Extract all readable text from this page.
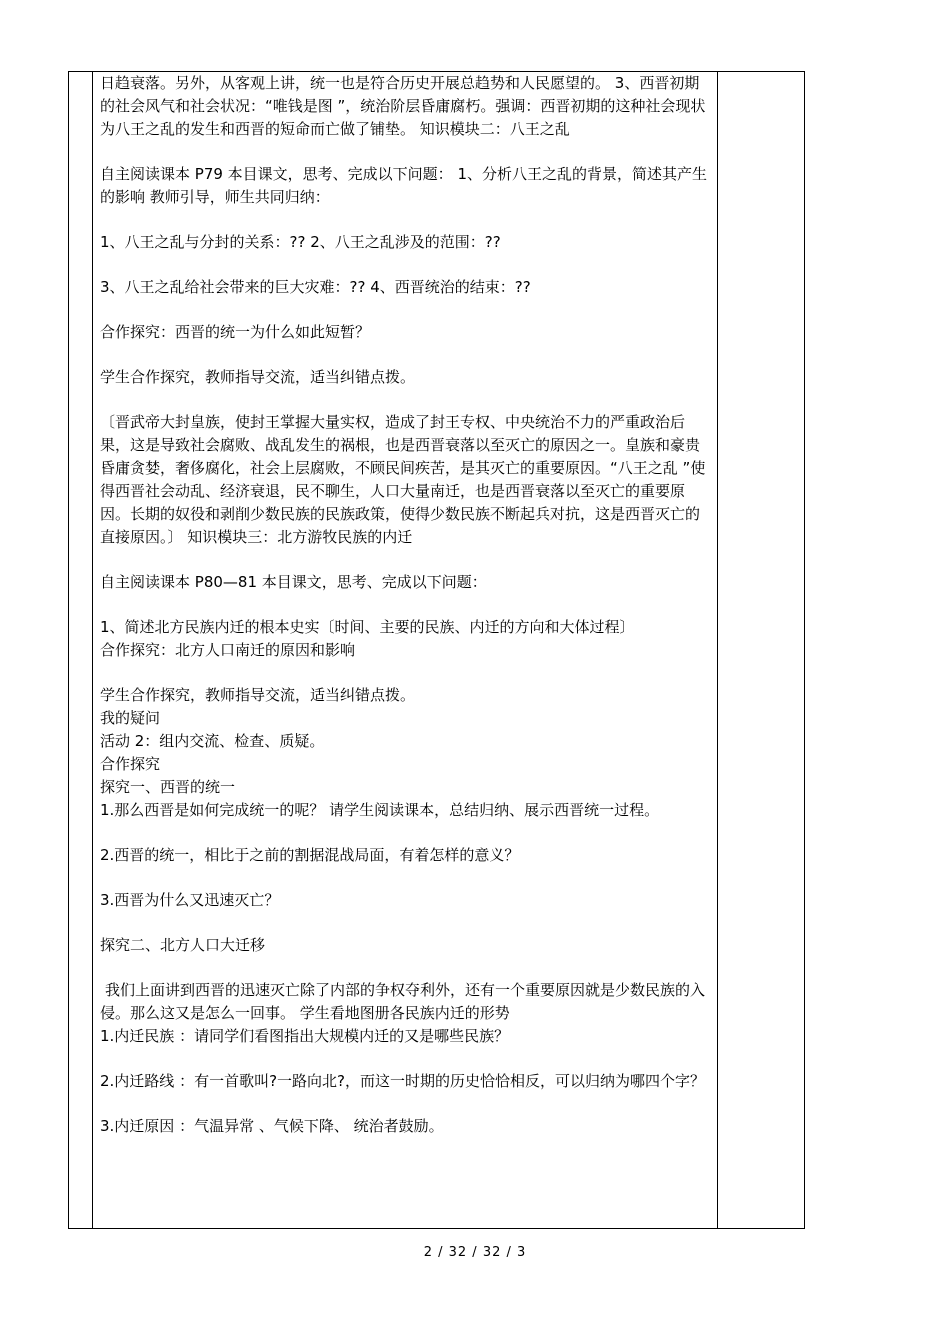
日趋衰落。另外，从客观上讲，统一也是符合历史开展总趋势和人民愿望的。 3、西晋初期的社会风气和社会状况：“唯钱是图 ”，统治阶层昏庸腐朽。强调：西晋初期的这种社会现状为八王之乱的发生和西晋的短命而亡做了铺垫。 知识模块二：八王之乱

自主阅读课本 P79 本目课文，思考、完成以下问题： 1、分析八王之乱的背景，简述其产生的影响 教师引导，师生共同归纳：

1、八王之乱与分封的关系：?? 2、八王之乱涉及的范围：??

3、八王之乱给社会带来的巨大灾难：?? 4、西晋统治的结束：??

合作探究：西晋的统一为什么如此短暂？

学生合作探究，教师指导交流，适当纠错点拨。

〔晋武帝大封皇族，使封王掌握大量实权，造成了封王专权、中央统治不力的严重政治后果，这是导致社会腐败、战乱发生的祸根，也是西晋衰落以至灭亡的原因之一。皇族和豪贵昏庸贪婪，奢侈腐化，社会上层腐败，不顾民间疾苦，是其灭亡的重要原因。“八王之乱 ”使得西晋社会动乱、经济衰退，民不聊生，人口大量南迁，也是西晋衰落以至灭亡的重要原因。长期的奴役和剥削少数民族的民族政策，使得少数民族不断起兵对抗，这是西晋灭亡的直接原因。〕 知识模块三：北方游牧民族的内迁

自主阅读课本 P80—81 本目课文，思考、完成以下问题：

1、简述北方民族内迁的根本史实〔时间、主要的民族、内迁的方向和大体过程〕

合作探究：北方人口南迁的原因和影响

学生合作探究，教师指导交流，适当纠错点拨。

我的疑问

活动 2：组内交流、检查、质疑。

合作探究

探究一、西晋的统一

1.那么西晋是如何完成统一的呢？ 请学生阅读课本，总结归纳、展示西晋统一过程。

2.西晋的统一，相比于之前的割据混战局面，有着怎样的意义？

3.西晋为什么又迅速灭亡？

探究二、北方人口大迁移

我们上面讲到西晋的迅速灭亡除了内部的争权夺利外，还有一个重要原因就是少数民族的入侵。那么这又是怎么一回事。 学生看地图册各民族内迁的形势

1.内迁民族 ：请同学们看图指出大规模内迁的又是哪些民族？

2.内迁路线 ：有一首歌叫?一路向北?，而这一时期的历史恰恰相反，可以归纳为哪四个字？

3.内迁原因 ：气温异常 、气候下降、 统治者鼓励。

2 / 32 / 32 / 3
